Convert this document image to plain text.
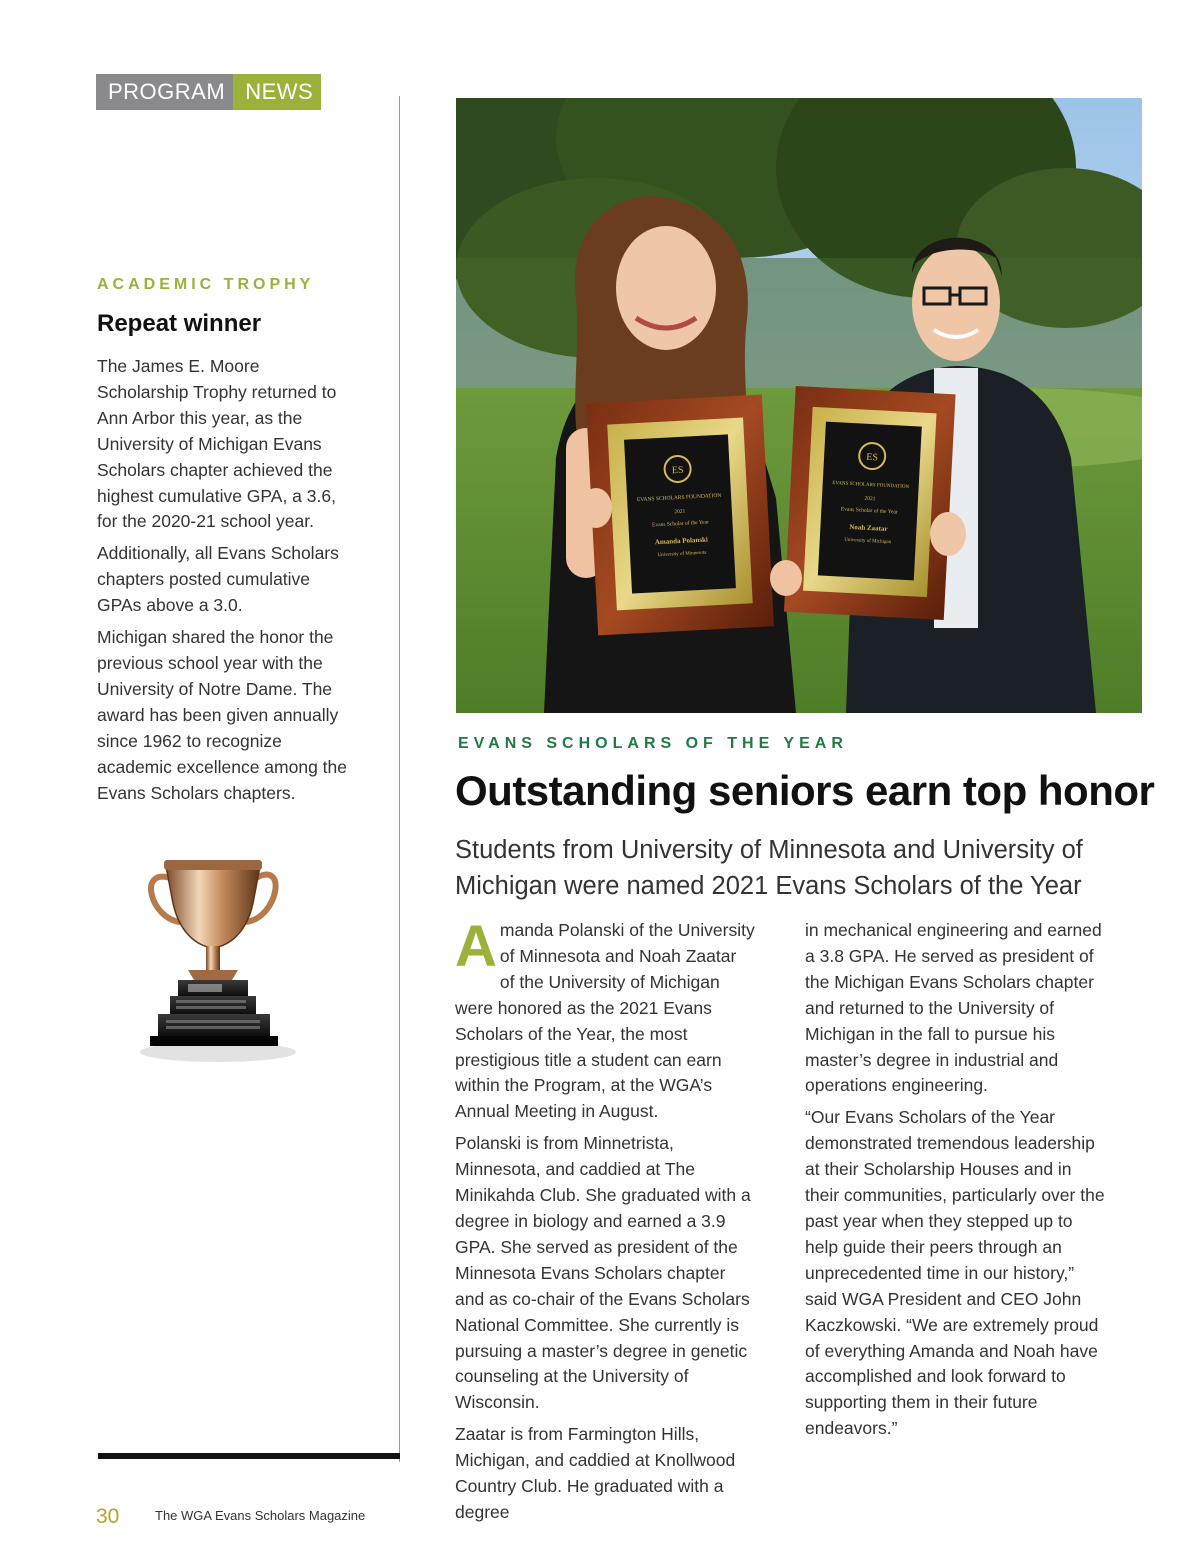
PROGRAM NEWS

ACADEMIC TROPHY

Repeat winner

The James E. Moore Scholarship Trophy returned to Ann Arbor this year, as the University of Michigan Evans Scholars chapter achieved the highest cumulative GPA, a 3.6, for the 2020-21 school year.

Additionally, all Evans Scholars chapters posted cumulative GPAs above a 3.0.

Michigan shared the honor the previous school year with the University of Notre Dame. The award has been given annually since 1962 to recognize academic excellence among the Evans Scholars chapters.

ES
EVANS SCHOLARS FOUNDATION
2021
Evans Scholar of the Year
Amanda Polanski
University of Minnesota
ES
EVANS SCHOLARS FOUNDATION
2021
Evans Scholar of the Year
Noah Zaatar
University of Michigan

EVANS SCHOLARS OF THE YEAR

Outstanding seniors earn top honor

Students from University of Minnesota and University of Michigan were named 2021 Evans Scholars of the Year

Amanda Polanski of the University of Minnesota and Noah Zaatar of the University of Michigan were honored as the 2021 Evans Scholars of the Year, the most prestigious title a student can earn within the Program, at the WGA’s Annual Meeting in August.

Polanski is from Minnetrista, Minnesota, and caddied at The Minikahda Club. She graduated with a degree in biology and earned a 3.9 GPA. She served as president of the Minnesota Evans Scholars chapter and as co-chair of the Evans Scholars National Committee. She currently is pursuing a master’s degree in genetic counseling at the University of Wisconsin.

Zaatar is from Farmington Hills, Michigan, and caddied at Knollwood Country Club. He graduated with a degree

in mechanical engineering and earned a 3.8 GPA. He served as president of the Michigan Evans Scholars chapter and returned to the University of Michigan in the fall to pursue his master’s degree in industrial and operations engineering.

“Our Evans Scholars of the Year demonstrated tremendous leadership at their Scholarship Houses and in their communities, particularly over the past year when they stepped up to help guide their peers through an unprecedented time in our history,” said WGA President and CEO John Kaczkowski. “We are extremely proud of everything Amanda and Noah have accomplished and look forward to supporting them in their future endeavors.”

30	The WGA Evans Scholars Magazine
